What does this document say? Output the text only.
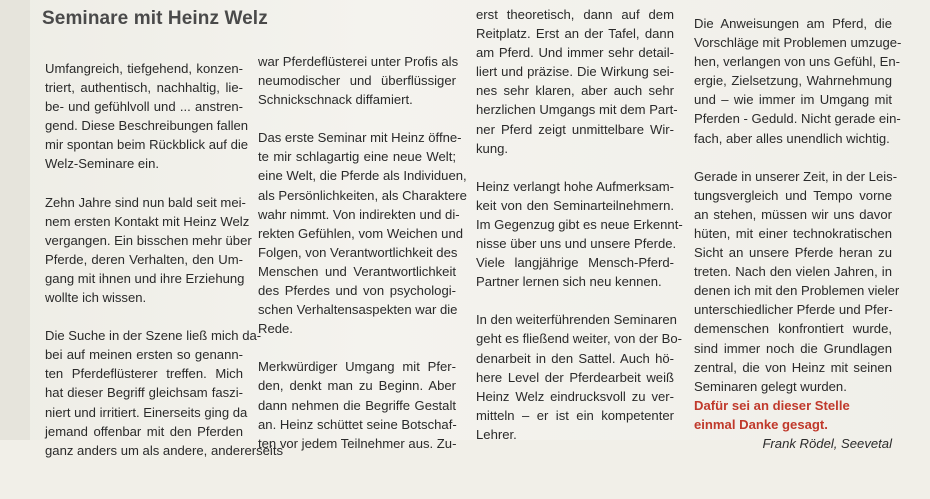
Seminare mit Heinz Welz

Umfangreich, tiefgehend, konzen-
triert, authentisch, nachhaltig, lie-
be- und gefühlvoll und ... anstren-
gend. Diese Beschreibungen fallen
mir spontan beim Rückblick auf die
Welz-Seminare ein.

Zehn Jahre sind nun bald seit mei-
nem ersten Kontakt mit Heinz Welz
vergangen. Ein bisschen mehr über
Pferde, deren Verhalten, den Um-
gang mit ihnen und ihre Erziehung
wollte ich wissen.

Die Suche in der Szene ließ mich da-
bei auf meinen ersten so genann-
ten Pferdeflüsterer treffen. Mich
hat dieser Begriff gleichsam faszi-
niert und irritiert. Einerseits ging da
jemand offenbar mit den Pferden
ganz anders um als andere, andererseits

war Pferdeflüsterei unter Profis als
neumodischer und überflüssiger
Schnickschnack diffamiert.

Das erste Seminar mit Heinz öffne-
te mir schlagartig eine neue Welt;
eine Welt, die Pferde als Individuen,
als Persönlichkeiten, als Charaktere
wahr nimmt. Von indirekten und di-
rekten Gefühlen, vom Weichen und
Folgen, von Verantwortlichkeit des
Menschen und Verantwortlichkeit
des Pferdes und von psychologi-
schen Verhaltensaspekten war die
Rede.

Merkwürdiger Umgang mit Pfer-
den, denkt man zu Beginn. Aber
dann nehmen die Begriffe Gestalt
an. Heinz schüttet seine Botschaf-
ten vor jedem Teilnehmer aus. Zu-

erst theoretisch, dann auf dem
Reitplatz. Erst an der Tafel, dann
am Pferd. Und immer sehr detail-
liert und präzise. Die Wirkung sei-
nes sehr klaren, aber auch sehr
herzlichen Umgangs mit dem Part-
ner Pferd zeigt unmittelbare Wir-
kung.

Heinz verlangt hohe Aufmerksam-
keit von den Seminarteilnehmern.
Im Gegenzug gibt es neue Erkennt-
nisse über uns und unsere Pferde.
Viele langjährige Mensch-Pferd-
Partner lernen sich neu kennen.

In den weiterführenden Seminaren
geht es fließend weiter, von der Bo-
denarbeit in den Sattel. Auch hö-
here Level der Pferdearbeit weiß
Heinz Welz eindrucksvoll zu ver-
mitteln – er ist ein kompetenter
Lehrer.

Die Anweisungen am Pferd, die
Vorschläge mit Problemen umzuge-
hen, verlangen von uns Gefühl, En-
ergie, Zielsetzung, Wahrnehmung
und – wie immer im Umgang mit
Pferden - Geduld. Nicht gerade ein-
fach, aber alles unendlich wichtig.

Gerade in unserer Zeit, in der Leis-
tungsvergleich und Tempo vorne
an stehen, müssen wir uns davor
hüten, mit einer technokratischen
Sicht an unsere Pferde heran zu
treten. Nach den vielen Jahren, in
denen ich mit den Problemen vieler
unterschiedlicher Pferde und Pfer-
demenschen konfrontiert wurde,
sind immer noch die Grundlagen
zentral, die von Heinz mit seinen
Seminaren gelegt wurden.

Dafür sei an dieser Stelle
einmal Danke gesagt.
Frank Rödel, Seevetal
